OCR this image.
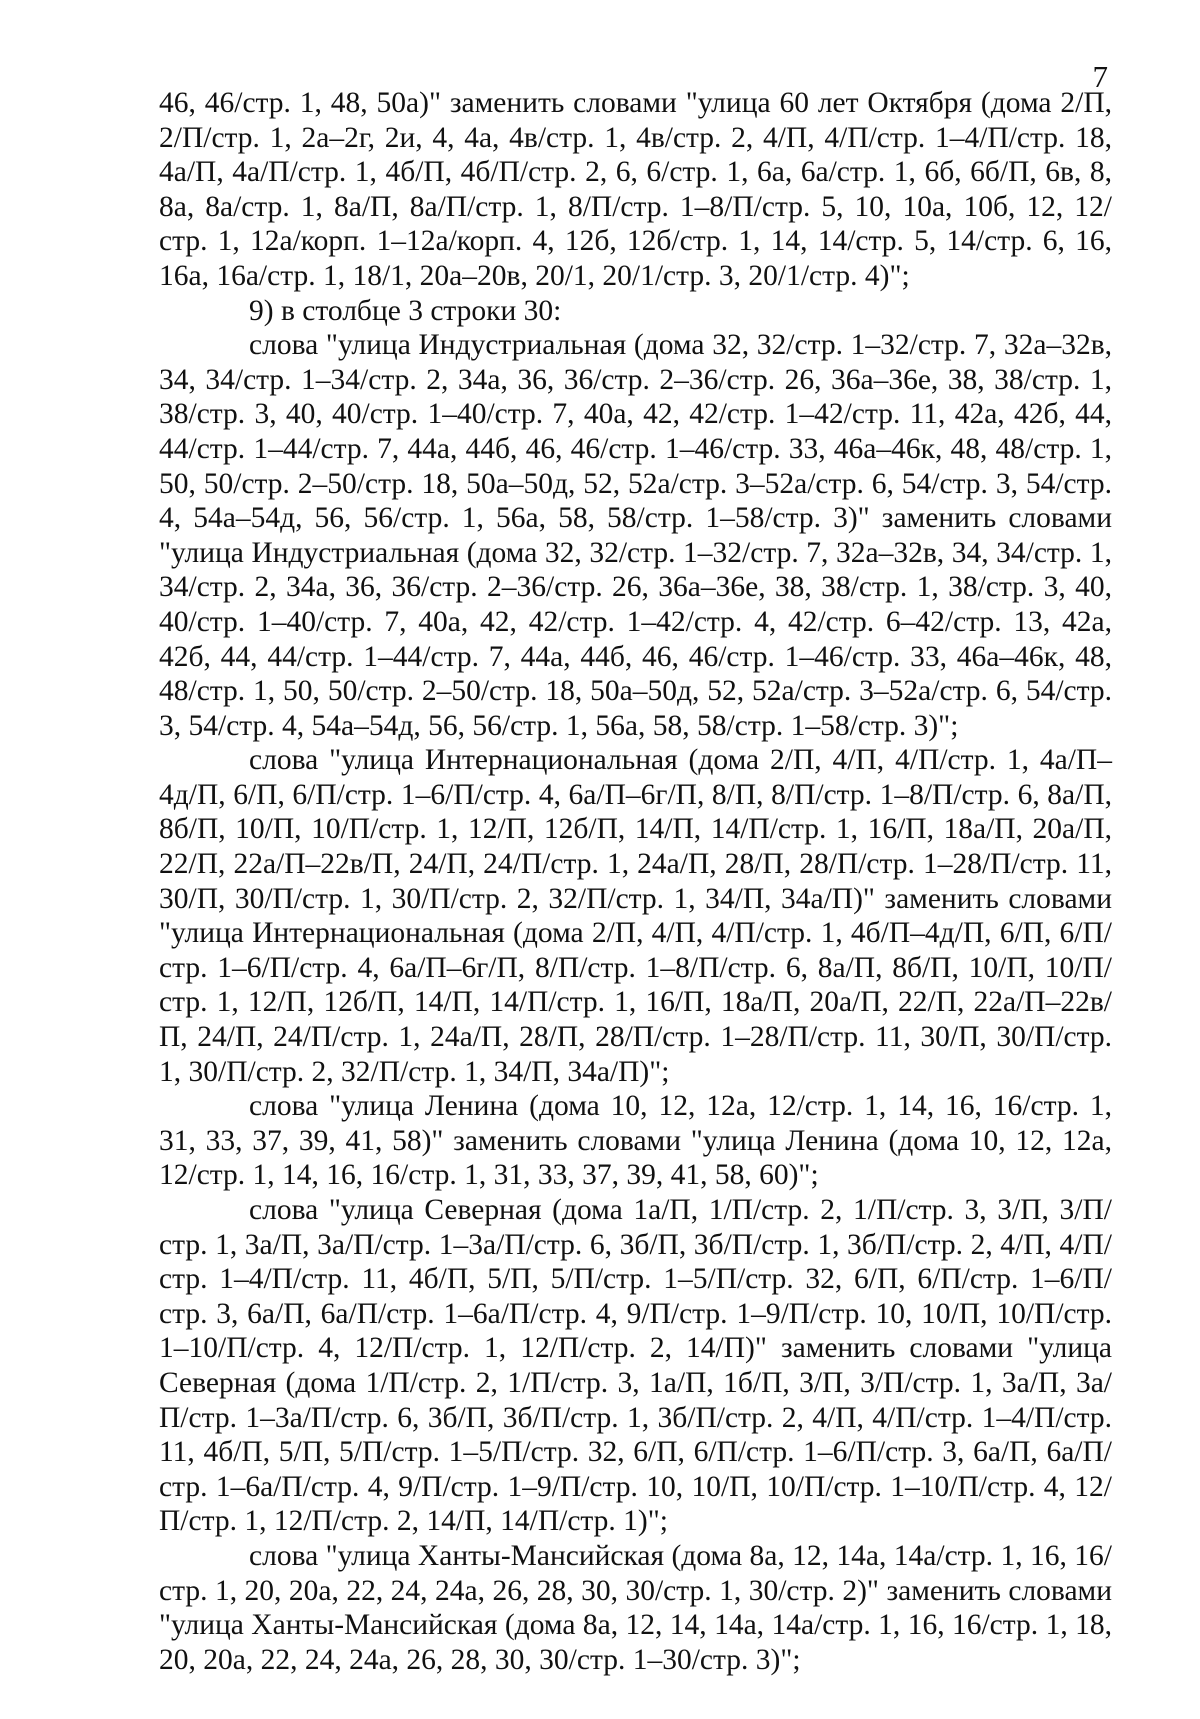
7

46, 46/стр. 1, 48, 50а)" заменить словами "улица 60 лет Октября (дома 2/П, 2/П/стр. 1, 2а–2г, 2и, 4, 4а, 4в/стр. 1, 4в/стр. 2, 4/П, 4/П/стр. 1–4/П/стр. 18, 4а/П, 4а/П/стр. 1, 4б/П, 4б/П/стр. 2, 6, 6/стр. 1, 6а, 6а/стр. 1, 6б, 6б/П, 6в, 8, 8а, 8а/стр. 1, 8а/П, 8а/П/стр. 1, 8/П/стр. 1–8/П/стр. 5, 10, 10а, 10б, 12, 12/стр. 1, 12а/корп. 1–12а/корп. 4, 12б, 12б/стр. 1, 14, 14/стр. 5, 14/стр. 6, 16, 16а, 16а/стр. 1, 18/1, 20а–20в, 20/1, 20/1/стр. 3, 20/1/стр. 4)";

9) в столбце 3 строки 30:

слова "улица Индустриальная (дома 32, 32/стр. 1–32/стр. 7, 32а–32в, 34, 34/стр. 1–34/стр. 2, 34а, 36, 36/стр. 2–36/стр. 26, 36а–36е, 38, 38/стр. 1, 38/стр. 3, 40, 40/стр. 1–40/стр. 7, 40а, 42, 42/стр. 1–42/стр. 11, 42а, 42б, 44, 44/стр. 1–44/стр. 7, 44а, 44б, 46, 46/стр. 1–46/стр. 33, 46а–46к, 48, 48/стр. 1, 50, 50/стр. 2–50/стр. 18, 50а–50д, 52, 52а/стр. 3–52а/стр. 6, 54/стр. 3, 54/стр. 4, 54а–54д, 56, 56/стр. 1, 56а, 58, 58/стр. 1–58/стр. 3)" заменить словами "улица Индустриальная (дома 32, 32/стр. 1–32/стр. 7, 32а–32в, 34, 34/стр. 1, 34/стр. 2, 34а, 36, 36/стр. 2–36/стр. 26, 36а–36е, 38, 38/стр. 1, 38/стр. 3, 40, 40/стр. 1–40/стр. 7, 40а, 42, 42/стр. 1–42/стр. 4, 42/стр. 6–42/стр. 13, 42а, 42б, 44, 44/стр. 1–44/стр. 7, 44а, 44б, 46, 46/стр. 1–46/стр. 33, 46а–46к, 48, 48/стр. 1, 50, 50/стр. 2–50/стр. 18, 50а–50д, 52, 52а/стр. 3–52а/стр. 6, 54/стр. 3, 54/стр. 4, 54а–54д, 56, 56/стр. 1, 56а, 58, 58/стр. 1–58/стр. 3)";

слова "улица Интернациональная (дома 2/П, 4/П, 4/П/стр. 1, 4а/П–4д/П, 6/П, 6/П/стр. 1–6/П/стр. 4, 6а/П–6г/П, 8/П, 8/П/стр. 1–8/П/стр. 6, 8а/П, 8б/П, 10/П, 10/П/стр. 1, 12/П, 12б/П, 14/П, 14/П/стр. 1, 16/П, 18а/П, 20а/П, 22/П, 22а/П–22в/П, 24/П, 24/П/стр. 1, 24а/П, 28/П, 28/П/стр. 1–28/П/стр. 11, 30/П, 30/П/стр. 1, 30/П/стр. 2, 32/П/стр. 1, 34/П, 34а/П)" заменить словами "улица Интернациональная (дома 2/П, 4/П, 4/П/стр. 1, 4б/П–4д/П, 6/П, 6/П/стр. 1–6/П/стр. 4, 6а/П–6г/П, 8/П/стр. 1–8/П/стр. 6, 8а/П, 8б/П, 10/П, 10/П/стр. 1, 12/П, 12б/П, 14/П, 14/П/стр. 1, 16/П, 18а/П, 20а/П, 22/П, 22а/П–22в/П, 24/П, 24/П/стр. 1, 24а/П, 28/П, 28/П/стр. 1–28/П/стр. 11, 30/П, 30/П/стр. 1, 30/П/стр. 2, 32/П/стр. 1, 34/П, 34а/П)";

слова "улица Ленина (дома 10, 12, 12а, 12/стр. 1, 14, 16, 16/стр. 1, 31, 33, 37, 39, 41, 58)" заменить словами "улица Ленина (дома 10, 12, 12а, 12/стр. 1, 14, 16, 16/стр. 1, 31, 33, 37, 39, 41, 58, 60)";

слова "улица Северная (дома 1а/П, 1/П/стр. 2, 1/П/стр. 3, 3/П, 3/П/стр. 1, 3а/П, 3а/П/стр. 1–3а/П/стр. 6, 3б/П, 3б/П/стр. 1, 3б/П/стр. 2, 4/П, 4/П/стр. 1–4/П/стр. 11, 4б/П, 5/П, 5/П/стр. 1–5/П/стр. 32, 6/П, 6/П/стр. 1–6/П/стр. 3, 6а/П, 6а/П/стр. 1–6а/П/стр. 4, 9/П/стр. 1–9/П/стр. 10, 10/П, 10/П/стр. 1–10/П/стр. 4, 12/П/стр. 1, 12/П/стр. 2, 14/П)" заменить словами "улица Северная (дома 1/П/стр. 2, 1/П/стр. 3, 1а/П, 1б/П, 3/П, 3/П/стр. 1, 3а/П, 3а/П/стр. 1–3а/П/стр. 6, 3б/П, 3б/П/стр. 1, 3б/П/стр. 2, 4/П, 4/П/стр. 1–4/П/стр. 11, 4б/П, 5/П, 5/П/стр. 1–5/П/стр. 32, 6/П, 6/П/стр. 1–6/П/стр. 3, 6а/П, 6а/П/стр. 1–6а/П/стр. 4, 9/П/стр. 1–9/П/стр. 10, 10/П, 10/П/стр. 1–10/П/стр. 4, 12/П/стр. 1, 12/П/стр. 2, 14/П, 14/П/стр. 1)";

слова "улица Ханты-Мансийская (дома 8а, 12, 14а, 14а/стр. 1, 16, 16/стр. 1, 20, 20а, 22, 24, 24а, 26, 28, 30, 30/стр. 1, 30/стр. 2)" заменить словами "улица Ханты-Мансийская (дома 8а, 12, 14, 14а, 14а/стр. 1, 16, 16/стр. 1, 18, 20, 20а, 22, 24, 24а, 26, 28, 30, 30/стр. 1–30/стр. 3)";
